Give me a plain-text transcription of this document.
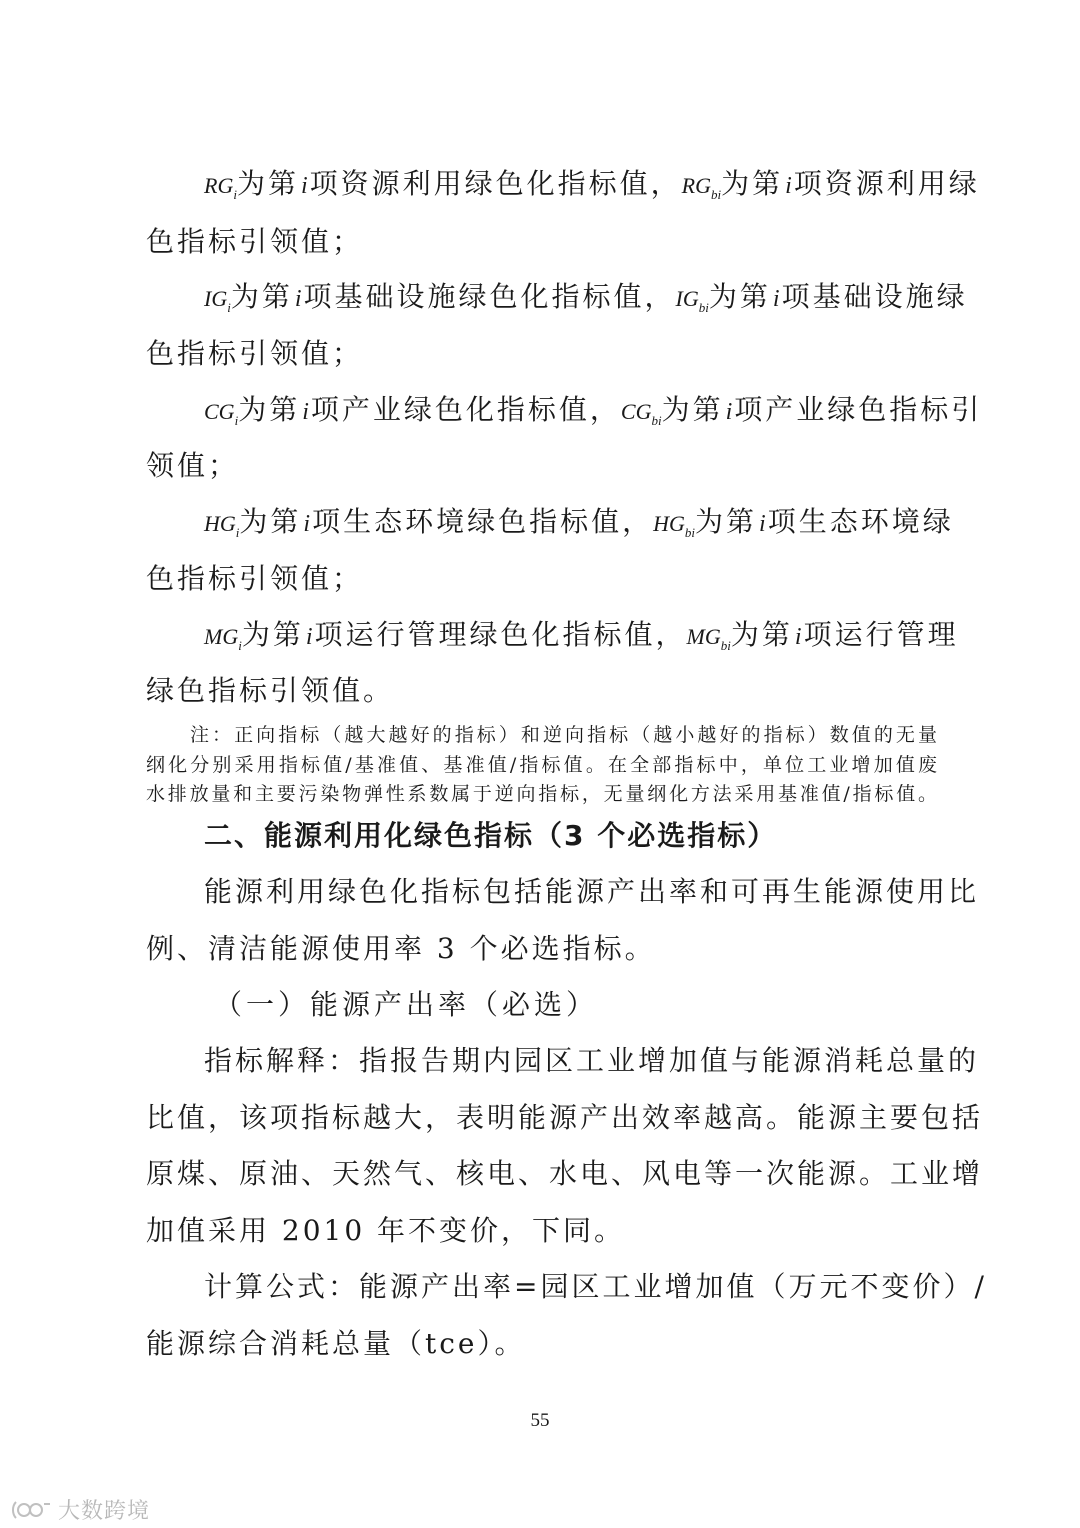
$RG_i$为第i项资源利用绿色化指标值，$RG_{bi}$为第i项资源利用绿
色指标引领值；
$IG_i$为第i项基础设施绿色化指标值，$IG_{bi}$为第i项基础设施绿
色指标引领值；
$CG_i$为第i项产业绿色化指标值，$CG_{bi}$为第i项产业绿色指标引
领值；
$HG_i$为第i项生态环境绿色指标值，$HG_{bi}$为第i项生态环境绿
色指标引领值；
$MG_i$为第i项运行管理绿色化指标值，$MG_{bi}$为第i项运行管理
绿色指标引领值。
注：正向指标（越大越好的指标）和逆向指标（越小越好的指标）数值的无量
纲化分别采用指标值/基准值、基准值/指标值。在全部指标中，单位工业增加值废
水排放量和主要污染物弹性系数属于逆向指标，无量纲化方法采用基准值/指标值。
二、能源利用化绿色指标（3 个必选指标）
能源利用绿色化指标包括能源产出率和可再生能源使用比
例、清洁能源使用率 3 个必选指标。
（一）能源产出率（必选）
指标解释：指报告期内园区工业增加值与能源消耗总量的
比值，该项指标越大，表明能源产出效率越高。能源主要包括
原煤、原油、天然气、核电、水电、风电等一次能源。工业增
加值采用 2010 年不变价，下同。
计算公式：能源产出率=园区工业增加值（万元不变价）/
能源综合消耗总量（tce）。
55
大数跨境
